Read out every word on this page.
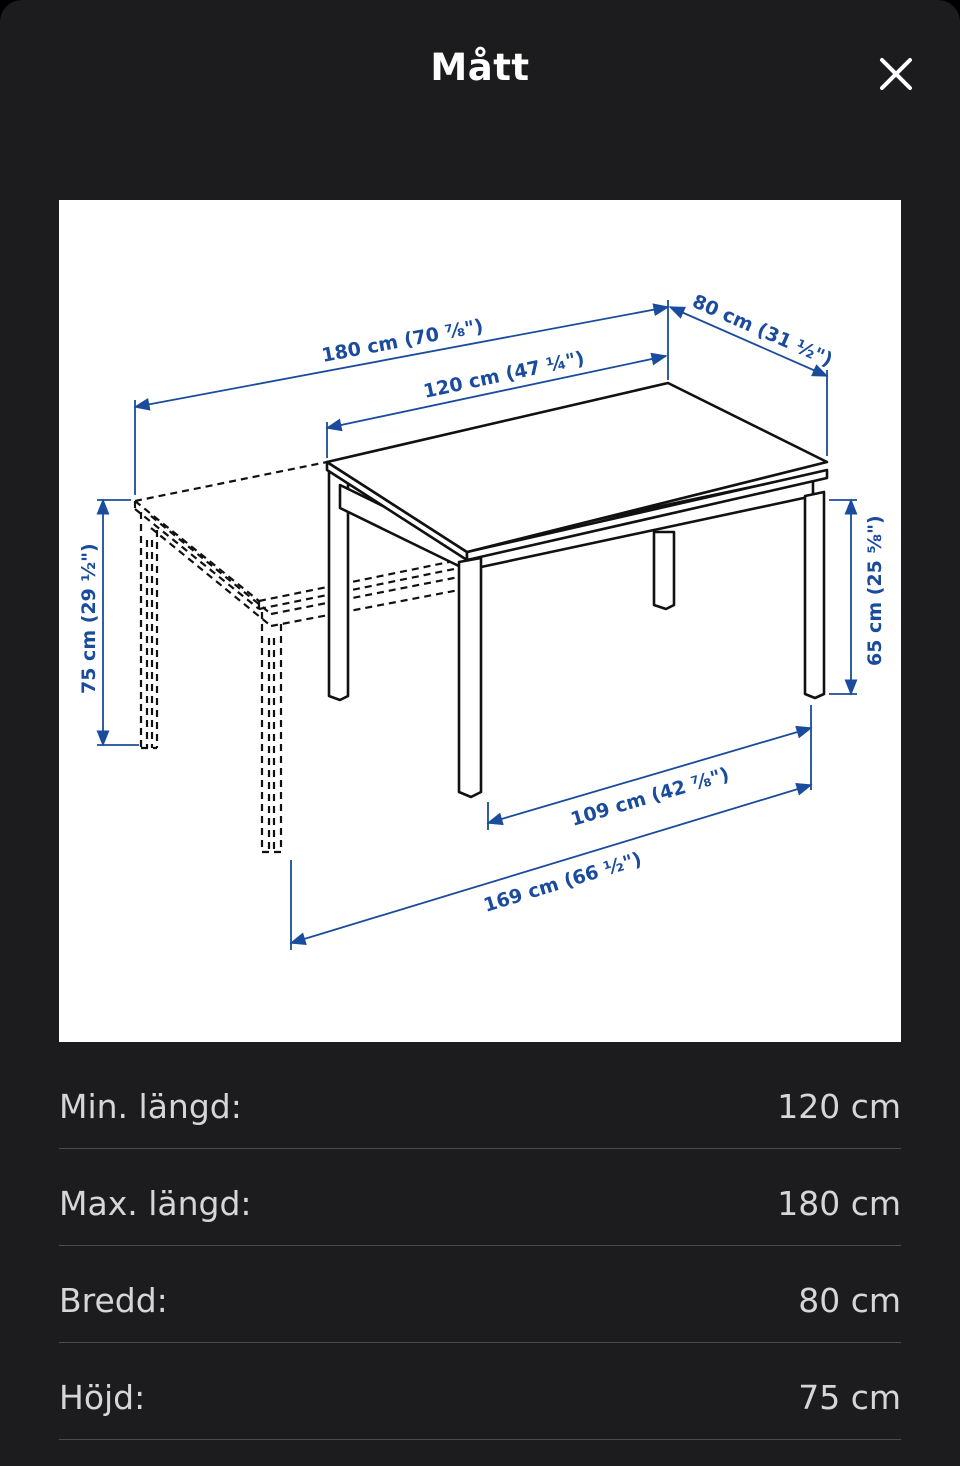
Mått
180 cm (70 ⅞")
120 cm (47 ¼")
80 cm (31 ½")
75 cm (29 ½")	65 cm (25 ⅝")
109 cm (42 ⅞")
169 cm (66 ½")
Min. längd:	120 cm
Max. längd:	180 cm
Bredd:	80 cm
Höjd:	75 cm
